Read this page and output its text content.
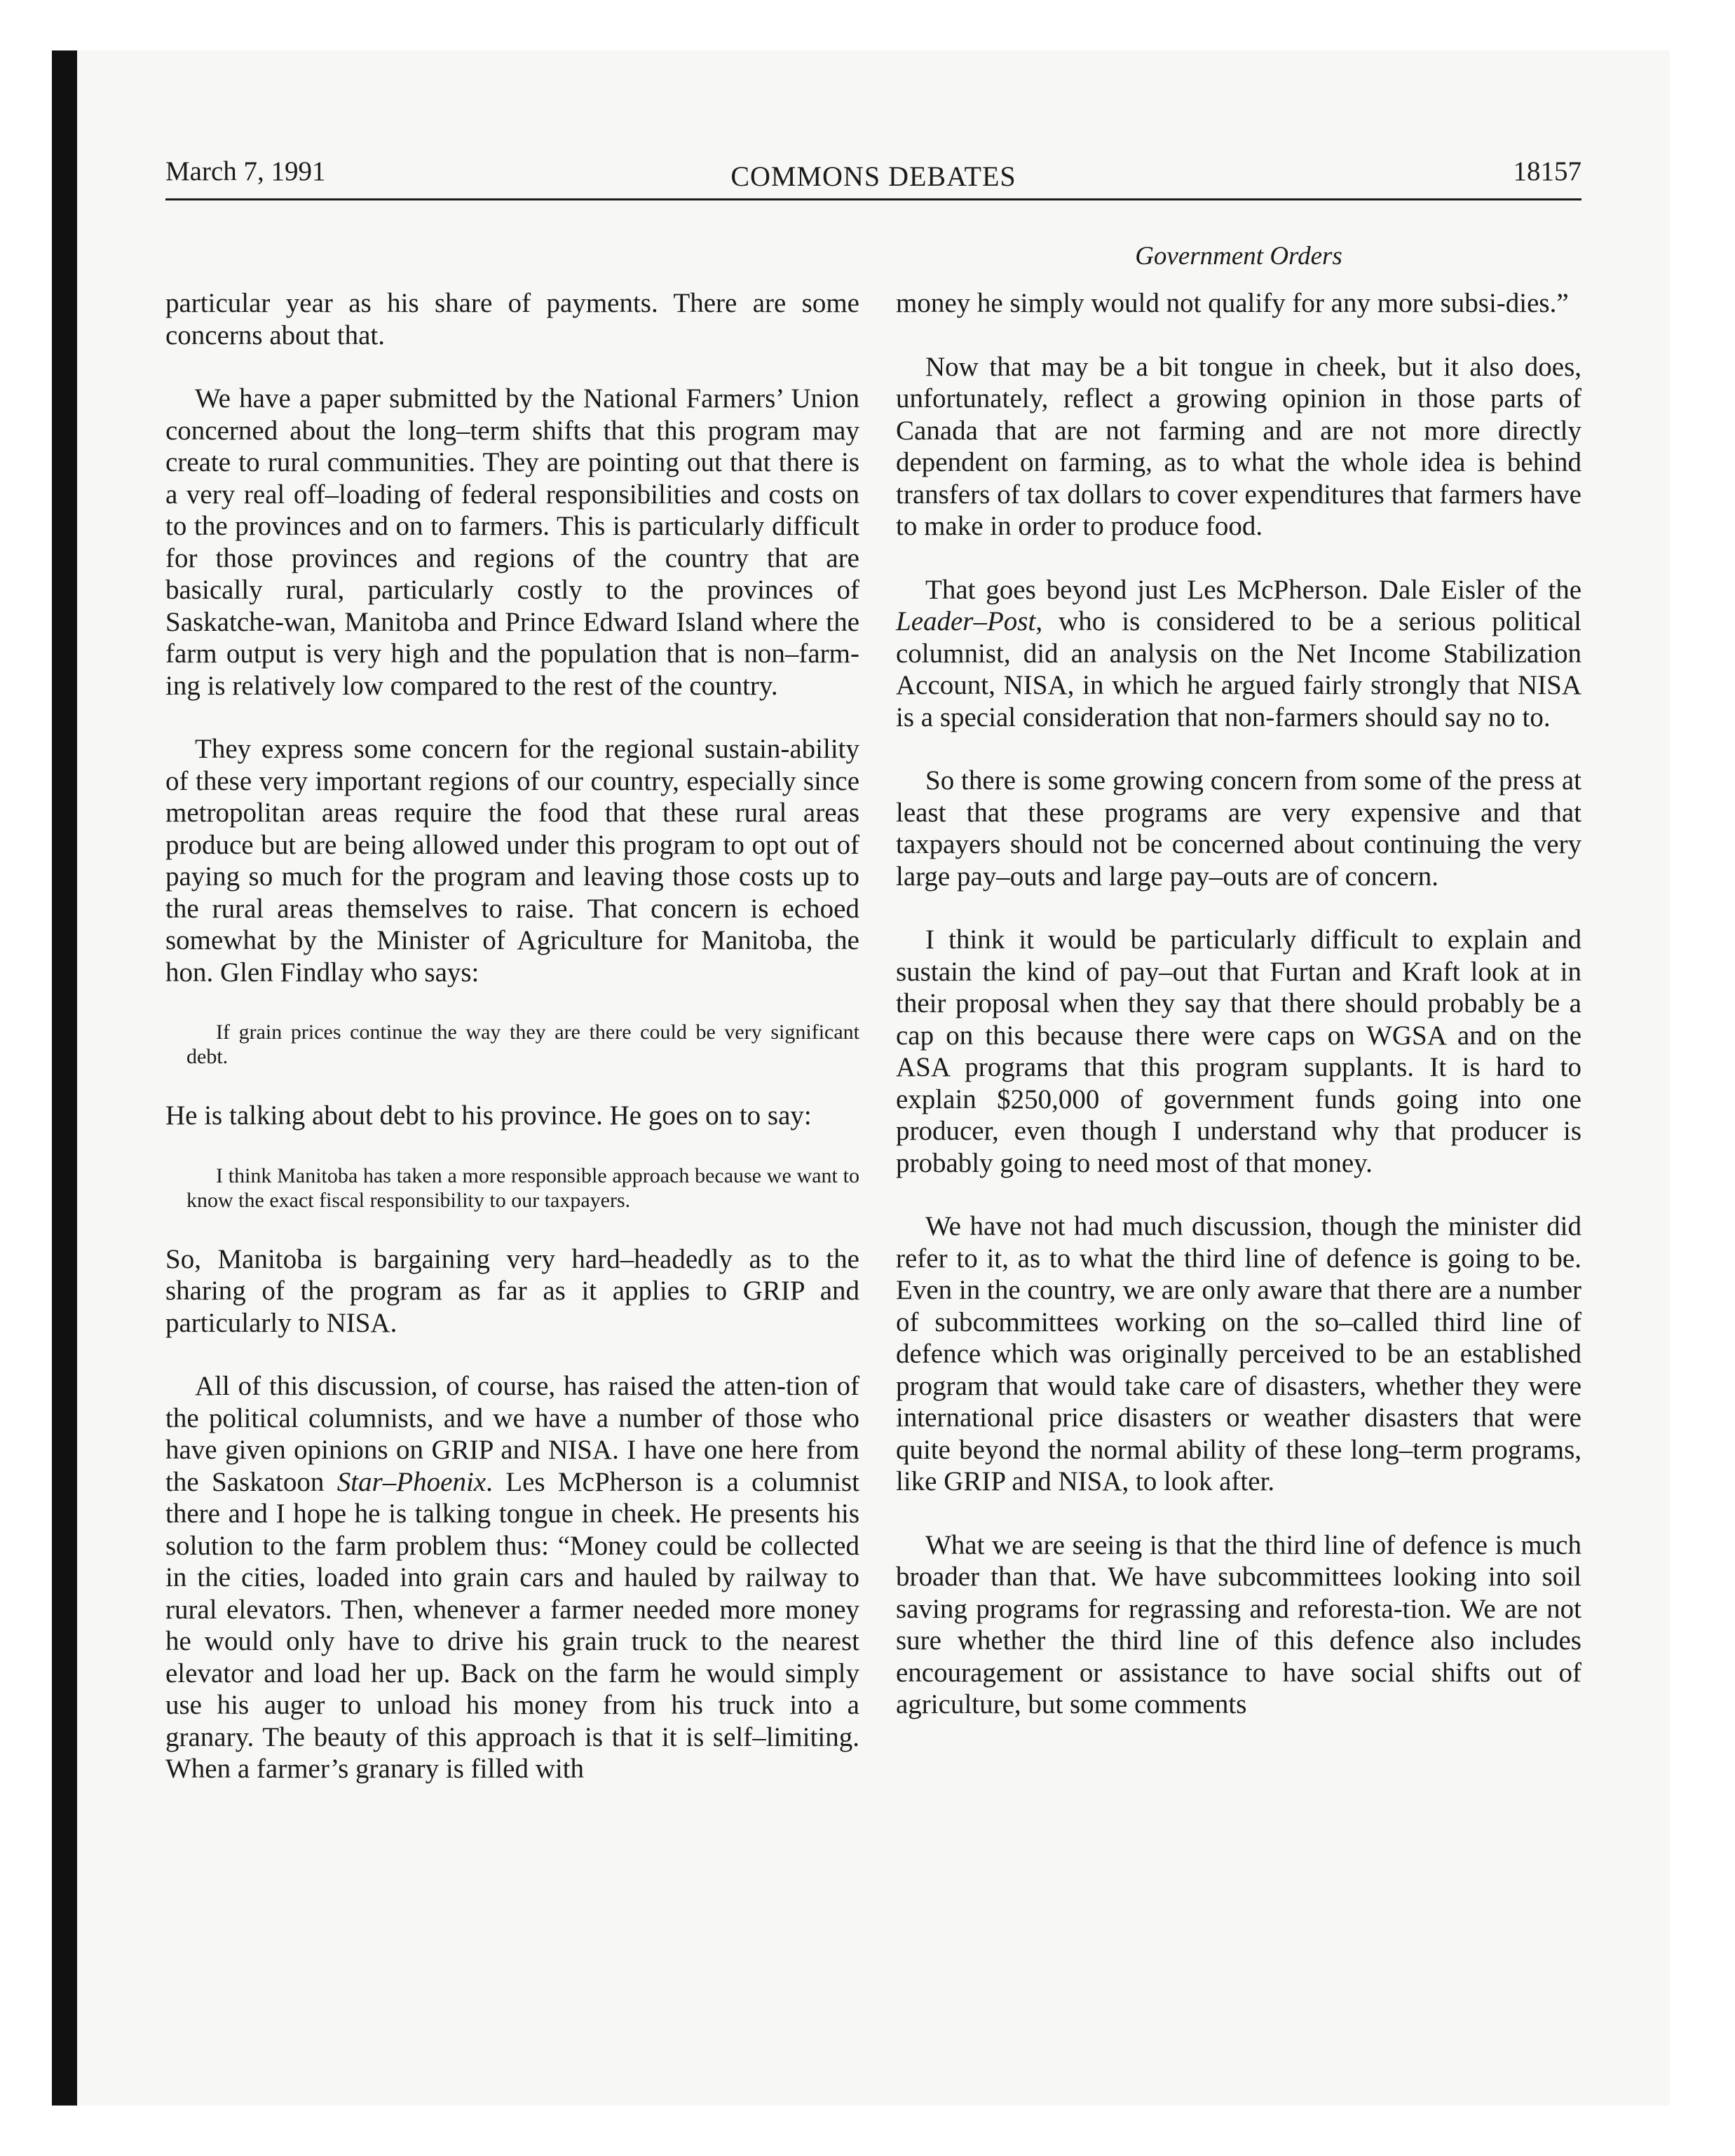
March 7, 1991	COMMONS DEBATES	18157
Government Orders

particular year as his share of payments. There are some concerns about that.

We have a paper submitted by the National Farmers’ Union concerned about the long–term shifts that this program may create to rural communities. They are pointing out that there is a very real off–loading of federal responsibilities and costs on to the provinces and on to farmers. This is particularly difficult for those provinces and regions of the country that are basically rural, particularly costly to the provinces of Saskatche-wan, Manitoba and Prince Edward Island where the farm output is very high and the population that is non–farm-ing is relatively low compared to the rest of the country.

They express some concern for the regional sustain-ability of these very important regions of our country, especially since metropolitan areas require the food that these rural areas produce but are being allowed under this program to opt out of paying so much for the program and leaving those costs up to the rural areas themselves to raise. That concern is echoed somewhat by the Minister of Agriculture for Manitoba, the hon. Glen Findlay who says:

If grain prices continue the way they are there could be very significant debt.

He is talking about debt to his province. He goes on to say:

I think Manitoba has taken a more responsible approach because we want to know the exact fiscal responsibility to our taxpayers.

So, Manitoba is bargaining very hard–headedly as to the sharing of the program as far as it applies to GRIP and particularly to NISA.

All of this discussion, of course, has raised the atten-tion of the political columnists, and we have a number of those who have given opinions on GRIP and NISA. I have one here from the Saskatoon Star–Phoenix. Les McPherson is a columnist there and I hope he is talking tongue in cheek. He presents his solution to the farm problem thus: “Money could be collected in the cities, loaded into grain cars and hauled by railway to rural elevators. Then, whenever a farmer needed more money he would only have to drive his grain truck to the nearest elevator and load her up. Back on the farm he would simply use his auger to unload his money from his truck into a granary. The beauty of this approach is that it is self–limiting. When a farmer’s granary is filled with

money he simply would not qualify for any more subsi-dies.”

Now that may be a bit tongue in cheek, but it also does, unfortunately, reflect a growing opinion in those parts of Canada that are not farming and are not more directly dependent on farming, as to what the whole idea is behind transfers of tax dollars to cover expenditures that farmers have to make in order to produce food.

That goes beyond just Les McPherson. Dale Eisler of the Leader–Post, who is considered to be a serious political columnist, did an analysis on the Net Income Stabilization Account, NISA, in which he argued fairly strongly that NISA is a special consideration that non-farmers should say no to.

So there is some growing concern from some of the press at least that these programs are very expensive and that taxpayers should not be concerned about continuing the very large pay–outs and large pay–outs are of concern.

I think it would be particularly difficult to explain and sustain the kind of pay–out that Furtan and Kraft look at in their proposal when they say that there should probably be a cap on this because there were caps on WGSA and on the ASA programs that this program supplants. It is hard to explain $250,000 of government funds going into one producer, even though I understand why that producer is probably going to need most of that money.

We have not had much discussion, though the minister did refer to it, as to what the third line of defence is going to be. Even in the country, we are only aware that there are a number of subcommittees working on the so–called third line of defence which was originally perceived to be an established program that would take care of disasters, whether they were international price disasters or weather disasters that were quite beyond the normal ability of these long–term programs, like GRIP and NISA, to look after.

What we are seeing is that the third line of defence is much broader than that. We have subcommittees looking into soil saving programs for regrassing and reforesta-tion. We are not sure whether the third line of this defence also includes encouragement or assistance to have social shifts out of agriculture, but some comments
